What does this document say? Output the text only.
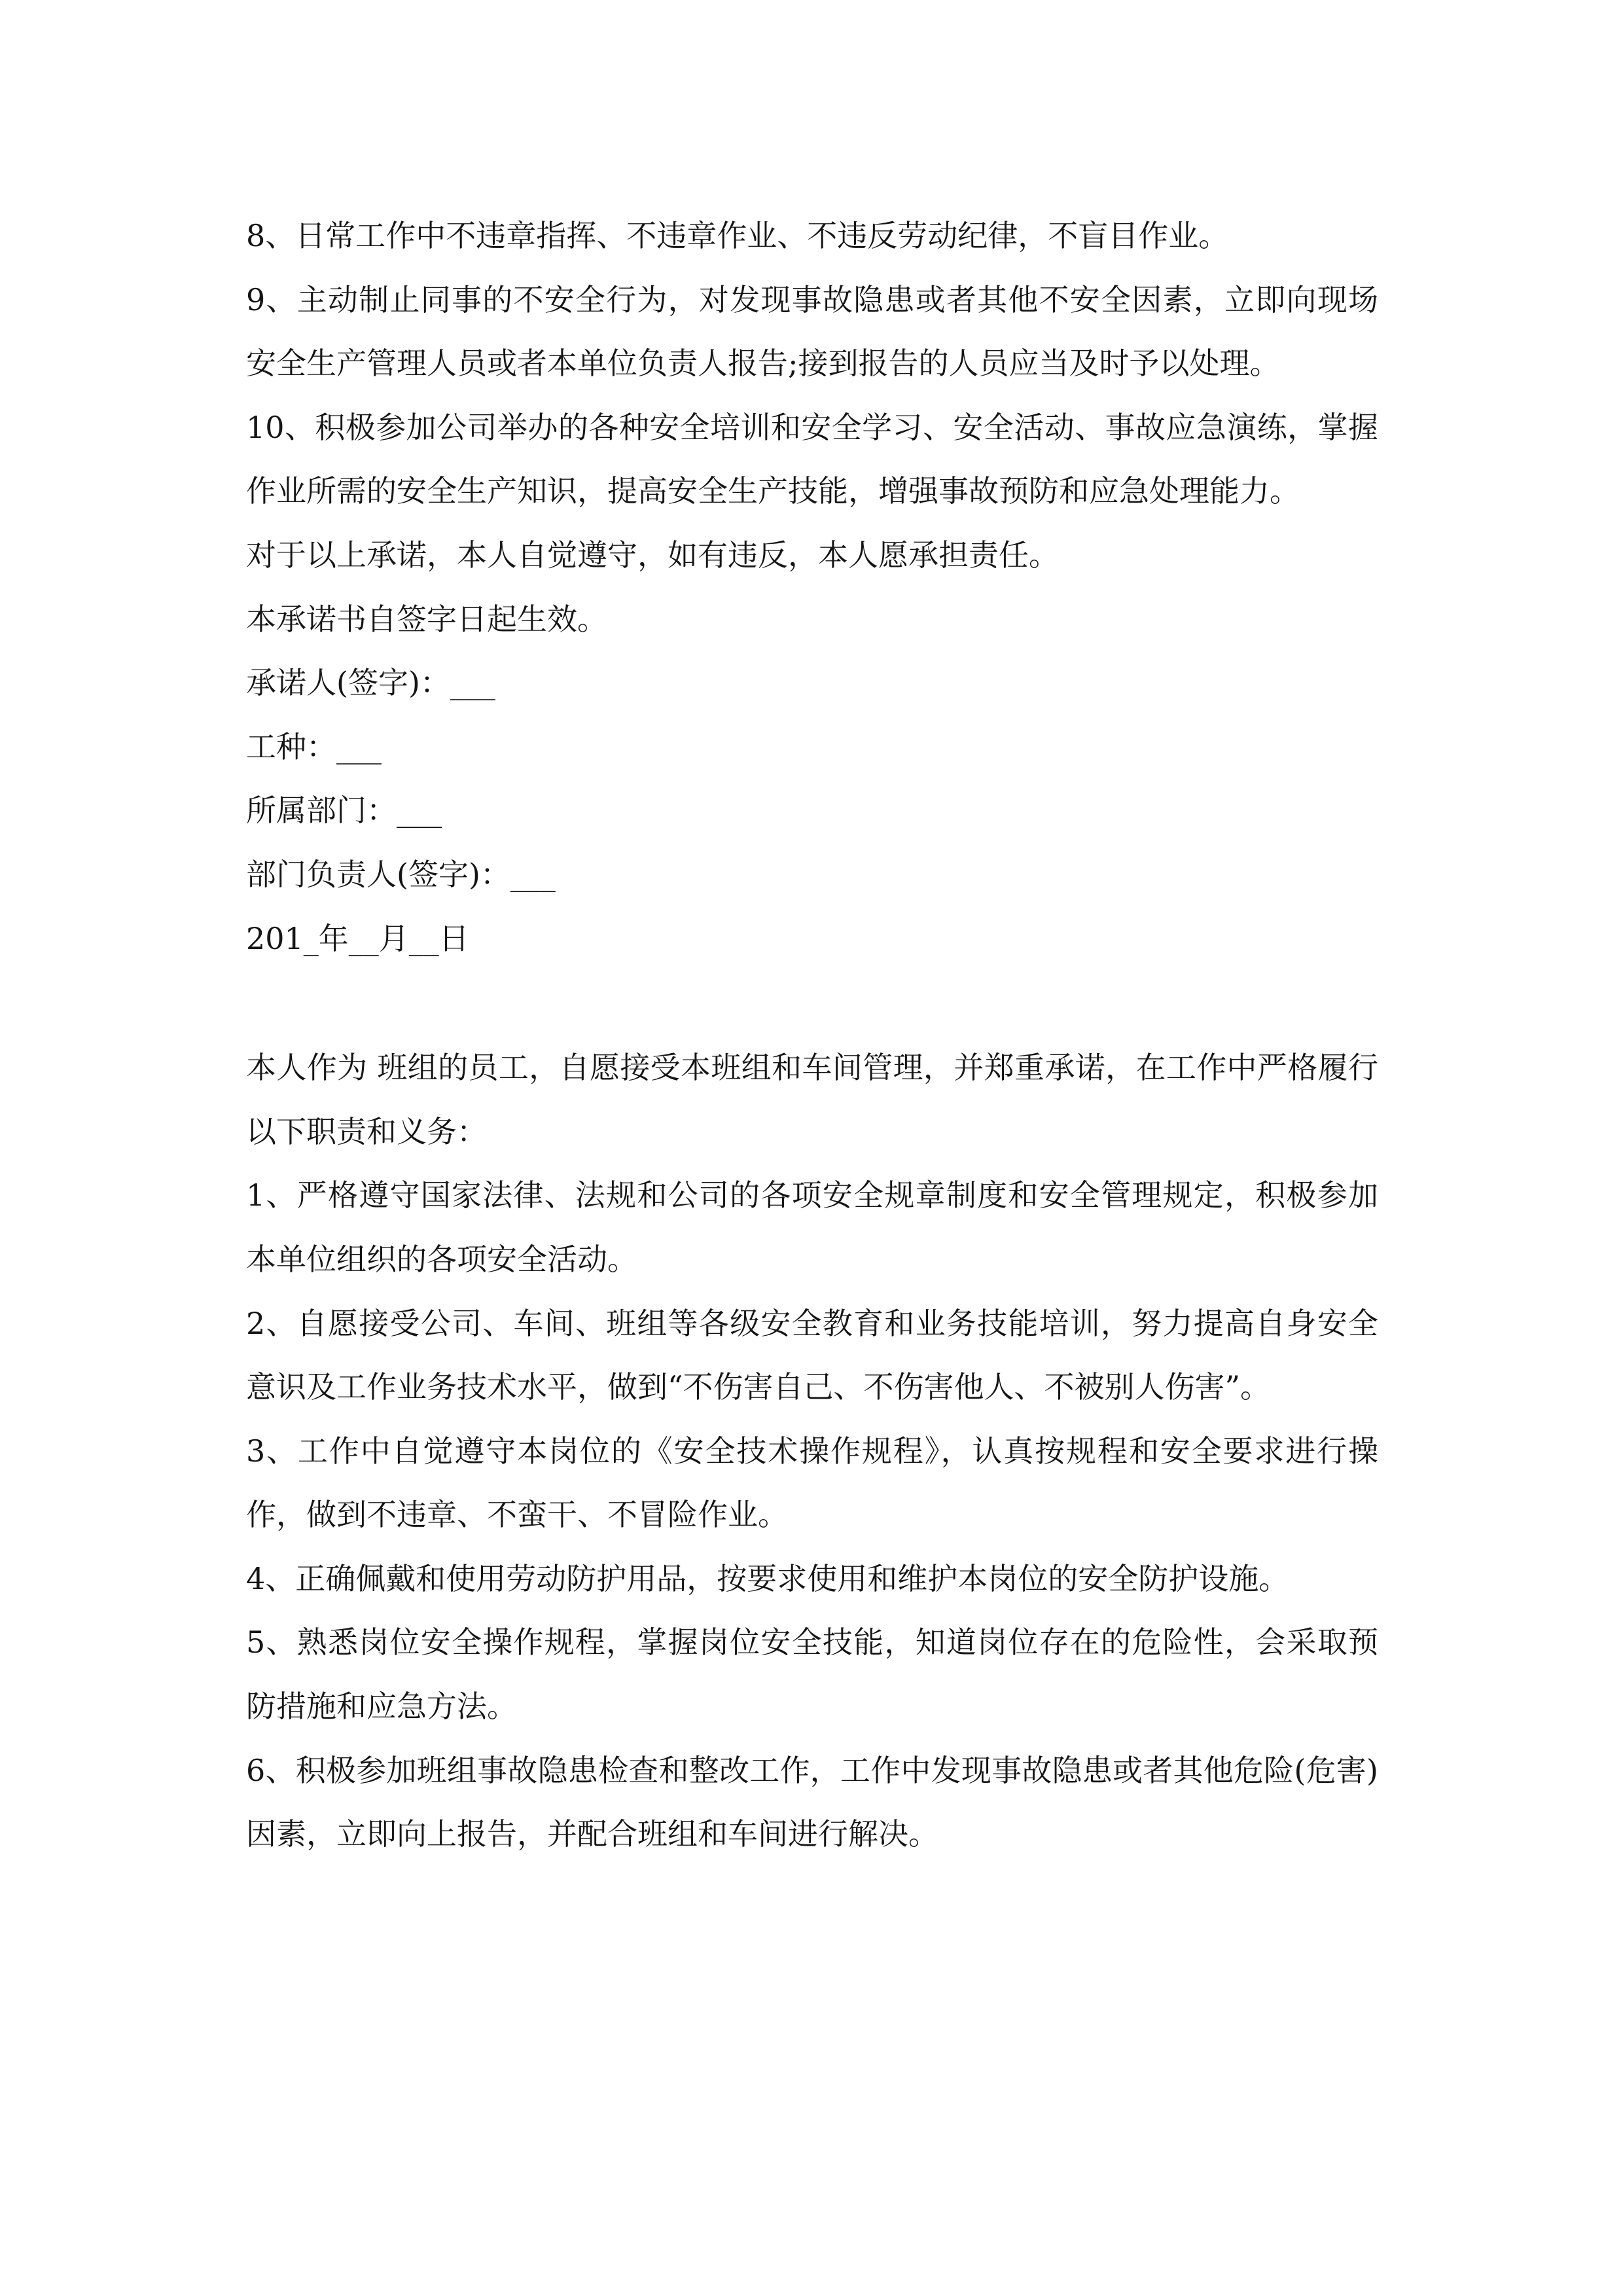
8、日常工作中不违章指挥、不违章作业、不违反劳动纪律，不盲目作业。

9、主动制止同事的不安全行为，对发现事故隐患或者其他不安全因素，立即向现场安全生产管理人员或者本单位负责人报告;接到报告的人员应当及时予以处理。

10、积极参加公司举办的各种安全培训和安全学习、安全活动、事故应急演练，掌握作业所需的安全生产知识，提高安全生产技能，增强事故预防和应急处理能力。

对于以上承诺，本人自觉遵守，如有违反，本人愿承担责任。

本承诺书自签字日起生效。

承诺人(签字)：___

工种：___

所属部门：___

部门负责人(签字)：___

201_年__月__日

本人作为 班组的员工，自愿接受本班组和车间管理，并郑重承诺，在工作中严格履行以下职责和义务：

1、严格遵守国家法律、法规和公司的各项安全规章制度和安全管理规定，积极参加本单位组织的各项安全活动。

2、自愿接受公司、车间、班组等各级安全教育和业务技能培训，努力提高自身安全意识及工作业务技术水平，做到“不伤害自己、不伤害他人、不被别人伤害”。

3、工作中自觉遵守本岗位的《安全技术操作规程》，认真按规程和安全要求进行操作，做到不违章、不蛮干、不冒险作业。

4、正确佩戴和使用劳动防护用品，按要求使用和维护本岗位的安全防护设施。

5、熟悉岗位安全操作规程，掌握岗位安全技能，知道岗位存在的危险性，会采取预防措施和应急方法。

6、积极参加班组事故隐患检查和整改工作，工作中发现事故隐患或者其他危险(危害)因素，立即向上报告，并配合班组和车间进行解决。
